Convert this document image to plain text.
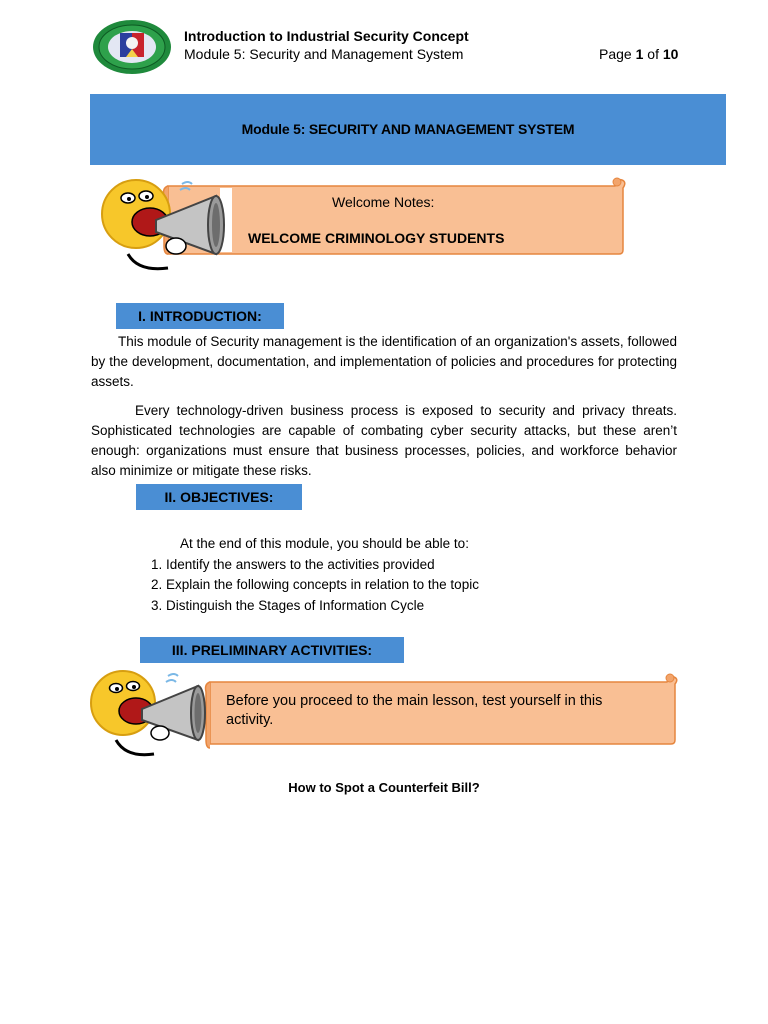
Introduction to Industrial Security Concept
Module 5: Security and Management System	Page 1 of 10
Module 5: SECURITY AND MANAGEMENT SYSTEM
Welcome Notes:
WELCOME CRIMINOLOGY STUDENTS
I. INTRODUCTION:

This module of Security management is the identification of an organization's assets, followed by the development, documentation, and implementation of policies and procedures for protecting assets.

Every technology-driven business process is exposed to security and privacy threats. Sophisticated technologies are capable of combating cyber security attacks, but these aren’t enough: organizations must ensure that business processes, policies, and workforce behavior also minimize or mitigate these risks.

II. OBJECTIVES:
At the end of this module, you should be able to:
1. Identify the answers to the activities provided
2. Explain the following concepts in relation to the topic
3. Distinguish the Stages of Information Cycle
III. PRELIMINARY ACTIVITIES:
Before you proceed to the main lesson, test yourself in this activity.
How to Spot a Counterfeit Bill?
